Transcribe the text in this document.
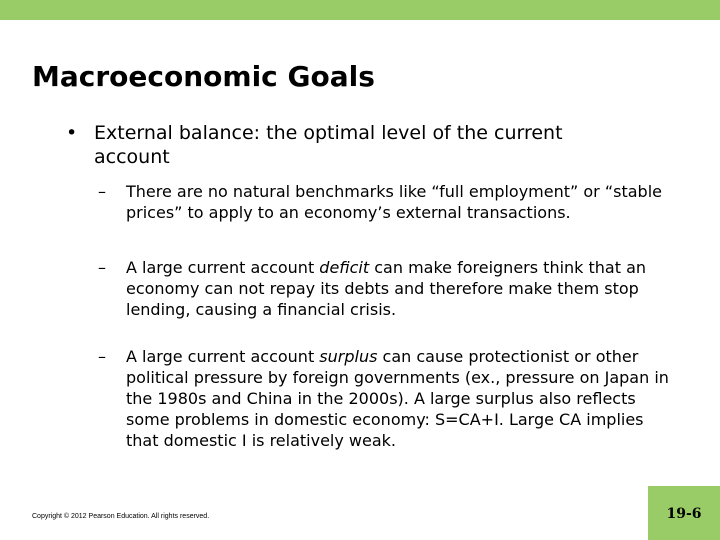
Macroeconomic Goals
• External balance: the optimal level of the current account
– There are no natural benchmarks like “full employment” or “stable prices” to apply to an economy’s external transactions.
– A large current account deficit can make foreigners think that an economy can not repay its debts and therefore make them stop lending, causing a financial crisis.
– A large current account surplus can cause protectionist or other political pressure by foreign governments (ex., pressure on Japan in the 1980s and China in the 2000s). A large surplus also reflects some problems in domestic economy: S=CA+I. Large CA implies that domestic I is relatively weak.
Copyright © 2012 Pearson Education. All rights reserved.	19-6
